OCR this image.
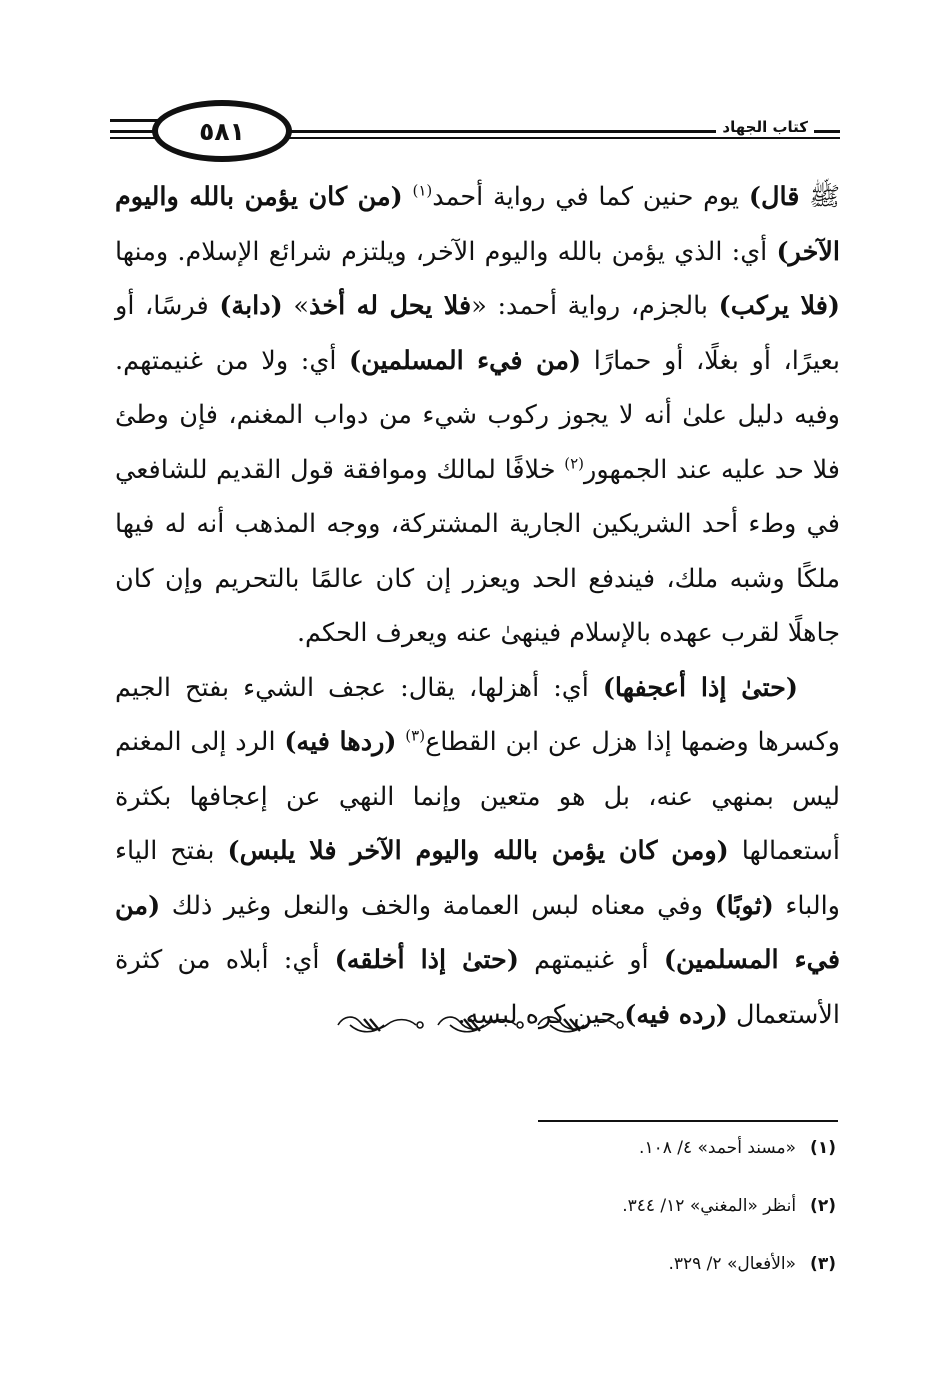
٥٨١	كتاب الجهاد

ﷺ قال) يوم حنين كما في رواية أحمد$^{(١)}$ (من كان يؤمن بالله واليوم الآخر) أي: الذي يؤمن بالله واليوم الآخر، ويلتزم شرائع الإسلام. ومنها (فلا يركب) بالجزم، رواية أحمد: «فلا يحل له أخذ» (دابة) فرسًا، أو بعيرًا، أو بغلًا، أو حمارًا (من فيء المسلمين) أي: ولا من غنيمتهم. وفيه دليل علىٰ أنه لا يجوز ركوب شيء من دواب المغنم، فإن وطئ فلا حد عليه عند الجمهور$^{(٢)}$ خلافًا لمالك وموافقة قول القديم للشافعي في وطء أحد الشريكين الجارية المشتركة، ووجه المذهب أنه له فيها ملكًا وشبه ملك، فيندفع الحد ويعزر إن كان عالمًا بالتحريم وإن كان جاهلًا لقرب عهده بالإسلام فينهىٰ عنه ويعرف الحكم.

(حتىٰ إذا أعجفها) أي: أهزلها، يقال: عجف الشيء بفتح الجيم وكسرها وضمها إذا هزل عن ابن القطاع$^{(٣)}$ (ردها فيه) الرد إلى المغنم ليس بمنهي عنه، بل هو متعين وإنما النهي عن إعجافها بكثرة أستعمالها (ومن كان يؤمن بالله واليوم الآخر فلا يلبس) بفتح الياء والباء (ثوبًا) وفي معناه لبس العمامة والخف والنعل وغير ذلك (من فيء المسلمين) أو غنيمتهم (حتىٰ إذا أخلقه) أي: أبلاه من كثرة الأستعمال (رده فيه) حين كره لبسه.

(١)
«مسند أحمد» ٤/ ١٠٨.
(٢)
أنظر «المغني» ١٢/ ٣٤٤.
(٣)
«الأفعال» ٢/ ٣٢٩.
